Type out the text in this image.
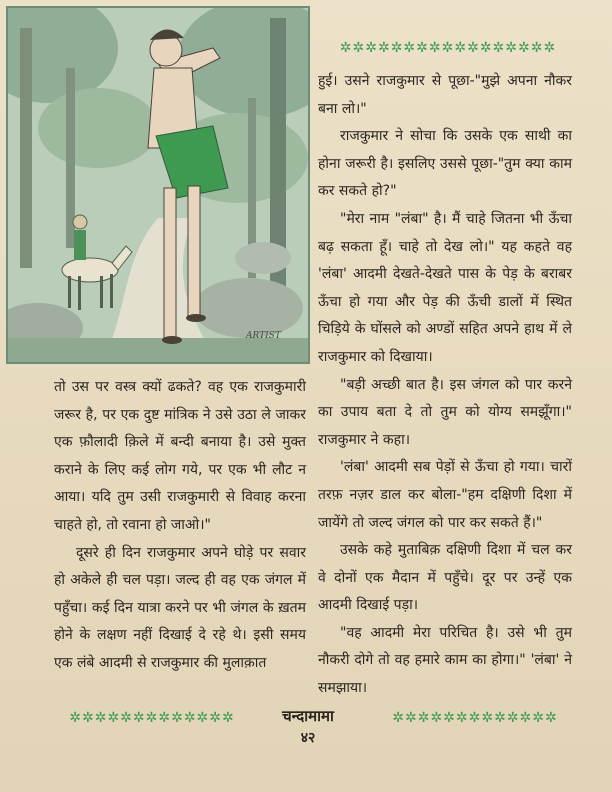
ARTIST
✲✲✲✲✲✲✲✲✲✲✲✲✲✲✲✲✲

हुई। उसने राजकुमार से पूछा-"मुझे अपना नौकर बना लो।"

राजकुमार ने सोचा कि उसके एक साथी का होना जरूरी है। इसलिए उससे पूछा-"तुम क्या काम कर सकते हो?"

"मेरा नाम "लंबा" है। मैं चाहे जितना भी ऊँचा बढ़ सकता हूँ। चाहे तो देख लो।" यह कहते वह 'लंबा' आदमी देखते-देखते पास के पेड़ के बराबर ऊँचा हो गया और पेड़ की ऊँची डालों में स्थित चिड़िये के घोंसले को अण्डों सहित अपने हाथ में ले राजकुमार को दिखाया।

"बड़ी अच्छी बात है। इस जंगल को पार करने का उपाय बता दे तो तुम को योग्य समझूँगा।" राजकुमार ने कहा।

'लंबा' आदमी सब पेड़ों से ऊँचा हो गया। चारों तरफ़ नज़र डाल कर बोला-"हम दक्षिणी दिशा में जायेंगे तो जल्द जंगल को पार कर सकते हैं।"

उसके कहे मुताबिक़ दक्षिणी दिशा में चल कर वे दोनों एक मैदान में पहुँचे। दूर पर उन्हें एक आदमी दिखाई पड़ा।

"वह आदमी मेरा परिचित है। उसे भी तुम नौकरी दोगे तो वह हमारे काम का होगा।" 'लंबा' ने समझाया।

तो उस पर वस्त्र क्यों ढकते? वह एक राजकुमारी जरूर है, पर एक दुष्ट मांत्रिक ने उसे उठा ले जाकर एक फ़ौलादी क़िले में बन्दी बनाया है। उसे मुक्त कराने के लिए कई लोग गये, पर एक भी लौट न आया। यदि तुम उसी राजकुमारी से विवाह करना चाहते हो, तो रवाना हो जाओ।"

दूसरे ही दिन राजकुमार अपने घोड़े पर सवार हो अकेले ही चल पड़ा। जल्द ही वह एक जंगल में पहुँचा। कई दिन यात्रा करने पर भी जंगल के ख़तम होने के लक्षण नहीं दिखाई दे रहे थे। इसी समय एक लंबे आदमी से राजकुमार की मुलाक़ात

✲✲✲✲✲✲✲✲✲✲✲✲✲	चन्दामामा	✲✲✲✲✲✲✲✲✲✲✲✲✲
४२
